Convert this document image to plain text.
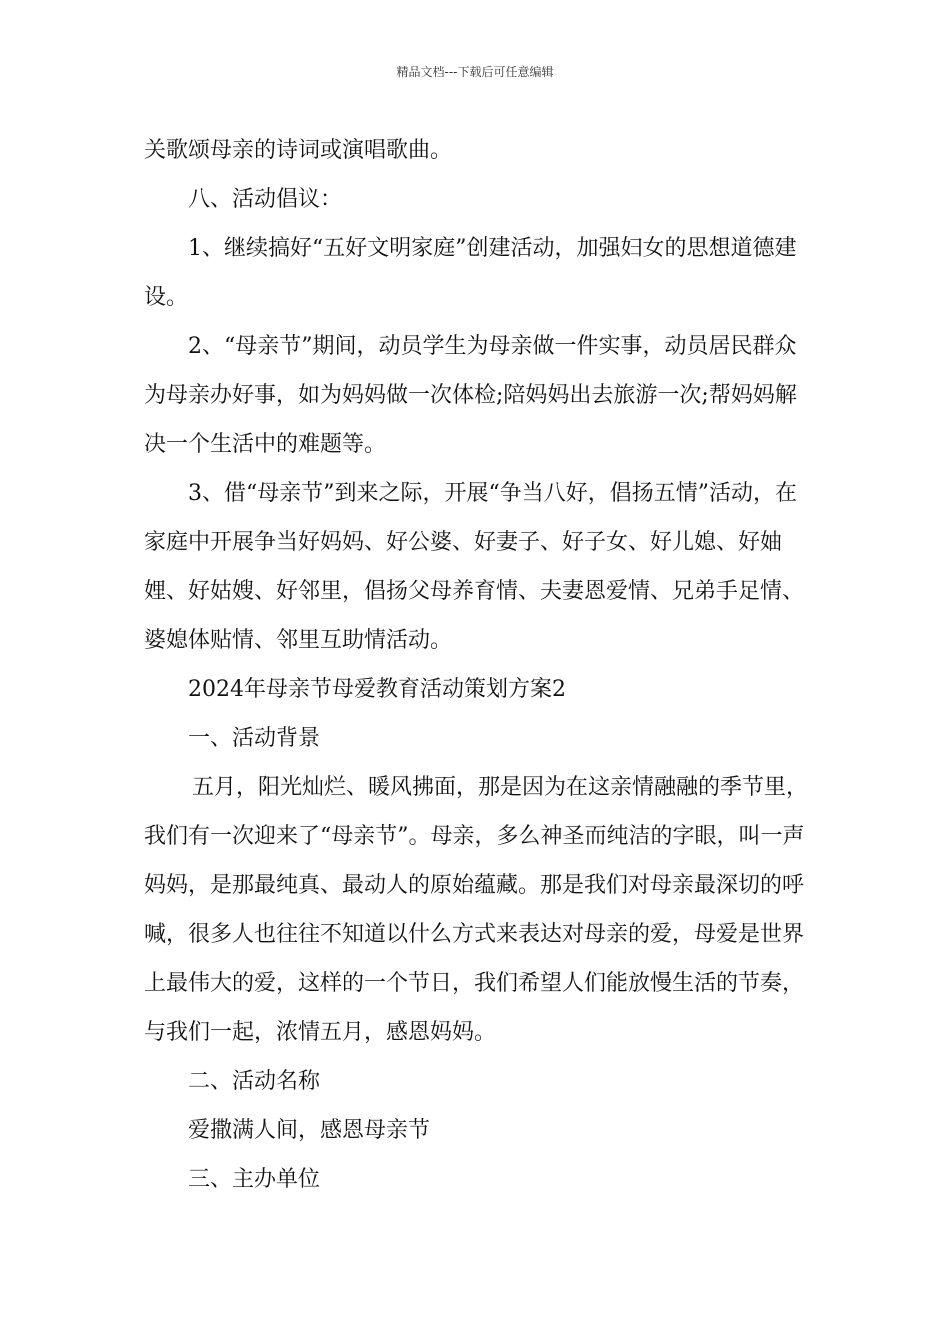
精品文档---下载后可任意编辑

关歌颂母亲的诗词或演唱歌曲。

八、活动倡议：

1、继续搞好“五好文明家庭”创建活动，加强妇女的思想道德建设。

2、“母亲节”期间，动员学生为母亲做一件实事，动员居民群众为母亲办好事，如为妈妈做一次体检;陪妈妈出去旅游一次;帮妈妈解决一个生活中的难题等。

3、借“母亲节”到来之际，开展“争当八好，倡扬五情”活动，在家庭中开展争当好妈妈、好公婆、好妻子、好子女、好儿媳、好妯娌、好姑嫂、好邻里，倡扬父母养育情、夫妻恩爱情、兄弟手足情、婆媳体贴情、邻里互助情活动。

2024年母亲节母爱教育活动策划方案2

一、活动背景

五月，阳光灿烂、暖风拂面，那是因为在这亲情融融的季节里，我们有一次迎来了“母亲节”。母亲，多么神圣而纯洁的字眼，叫一声妈妈，是那最纯真、最动人的原始蕴藏。那是我们对母亲最深切的呼喊，很多人也往往不知道以什么方式来表达对母亲的爱，母爱是世界上最伟大的爱，这样的一个节日，我们希望人们能放慢生活的节奏，与我们一起，浓情五月，感恩妈妈。

二、活动名称

爱撒满人间，感恩母亲节

三、主办单位
